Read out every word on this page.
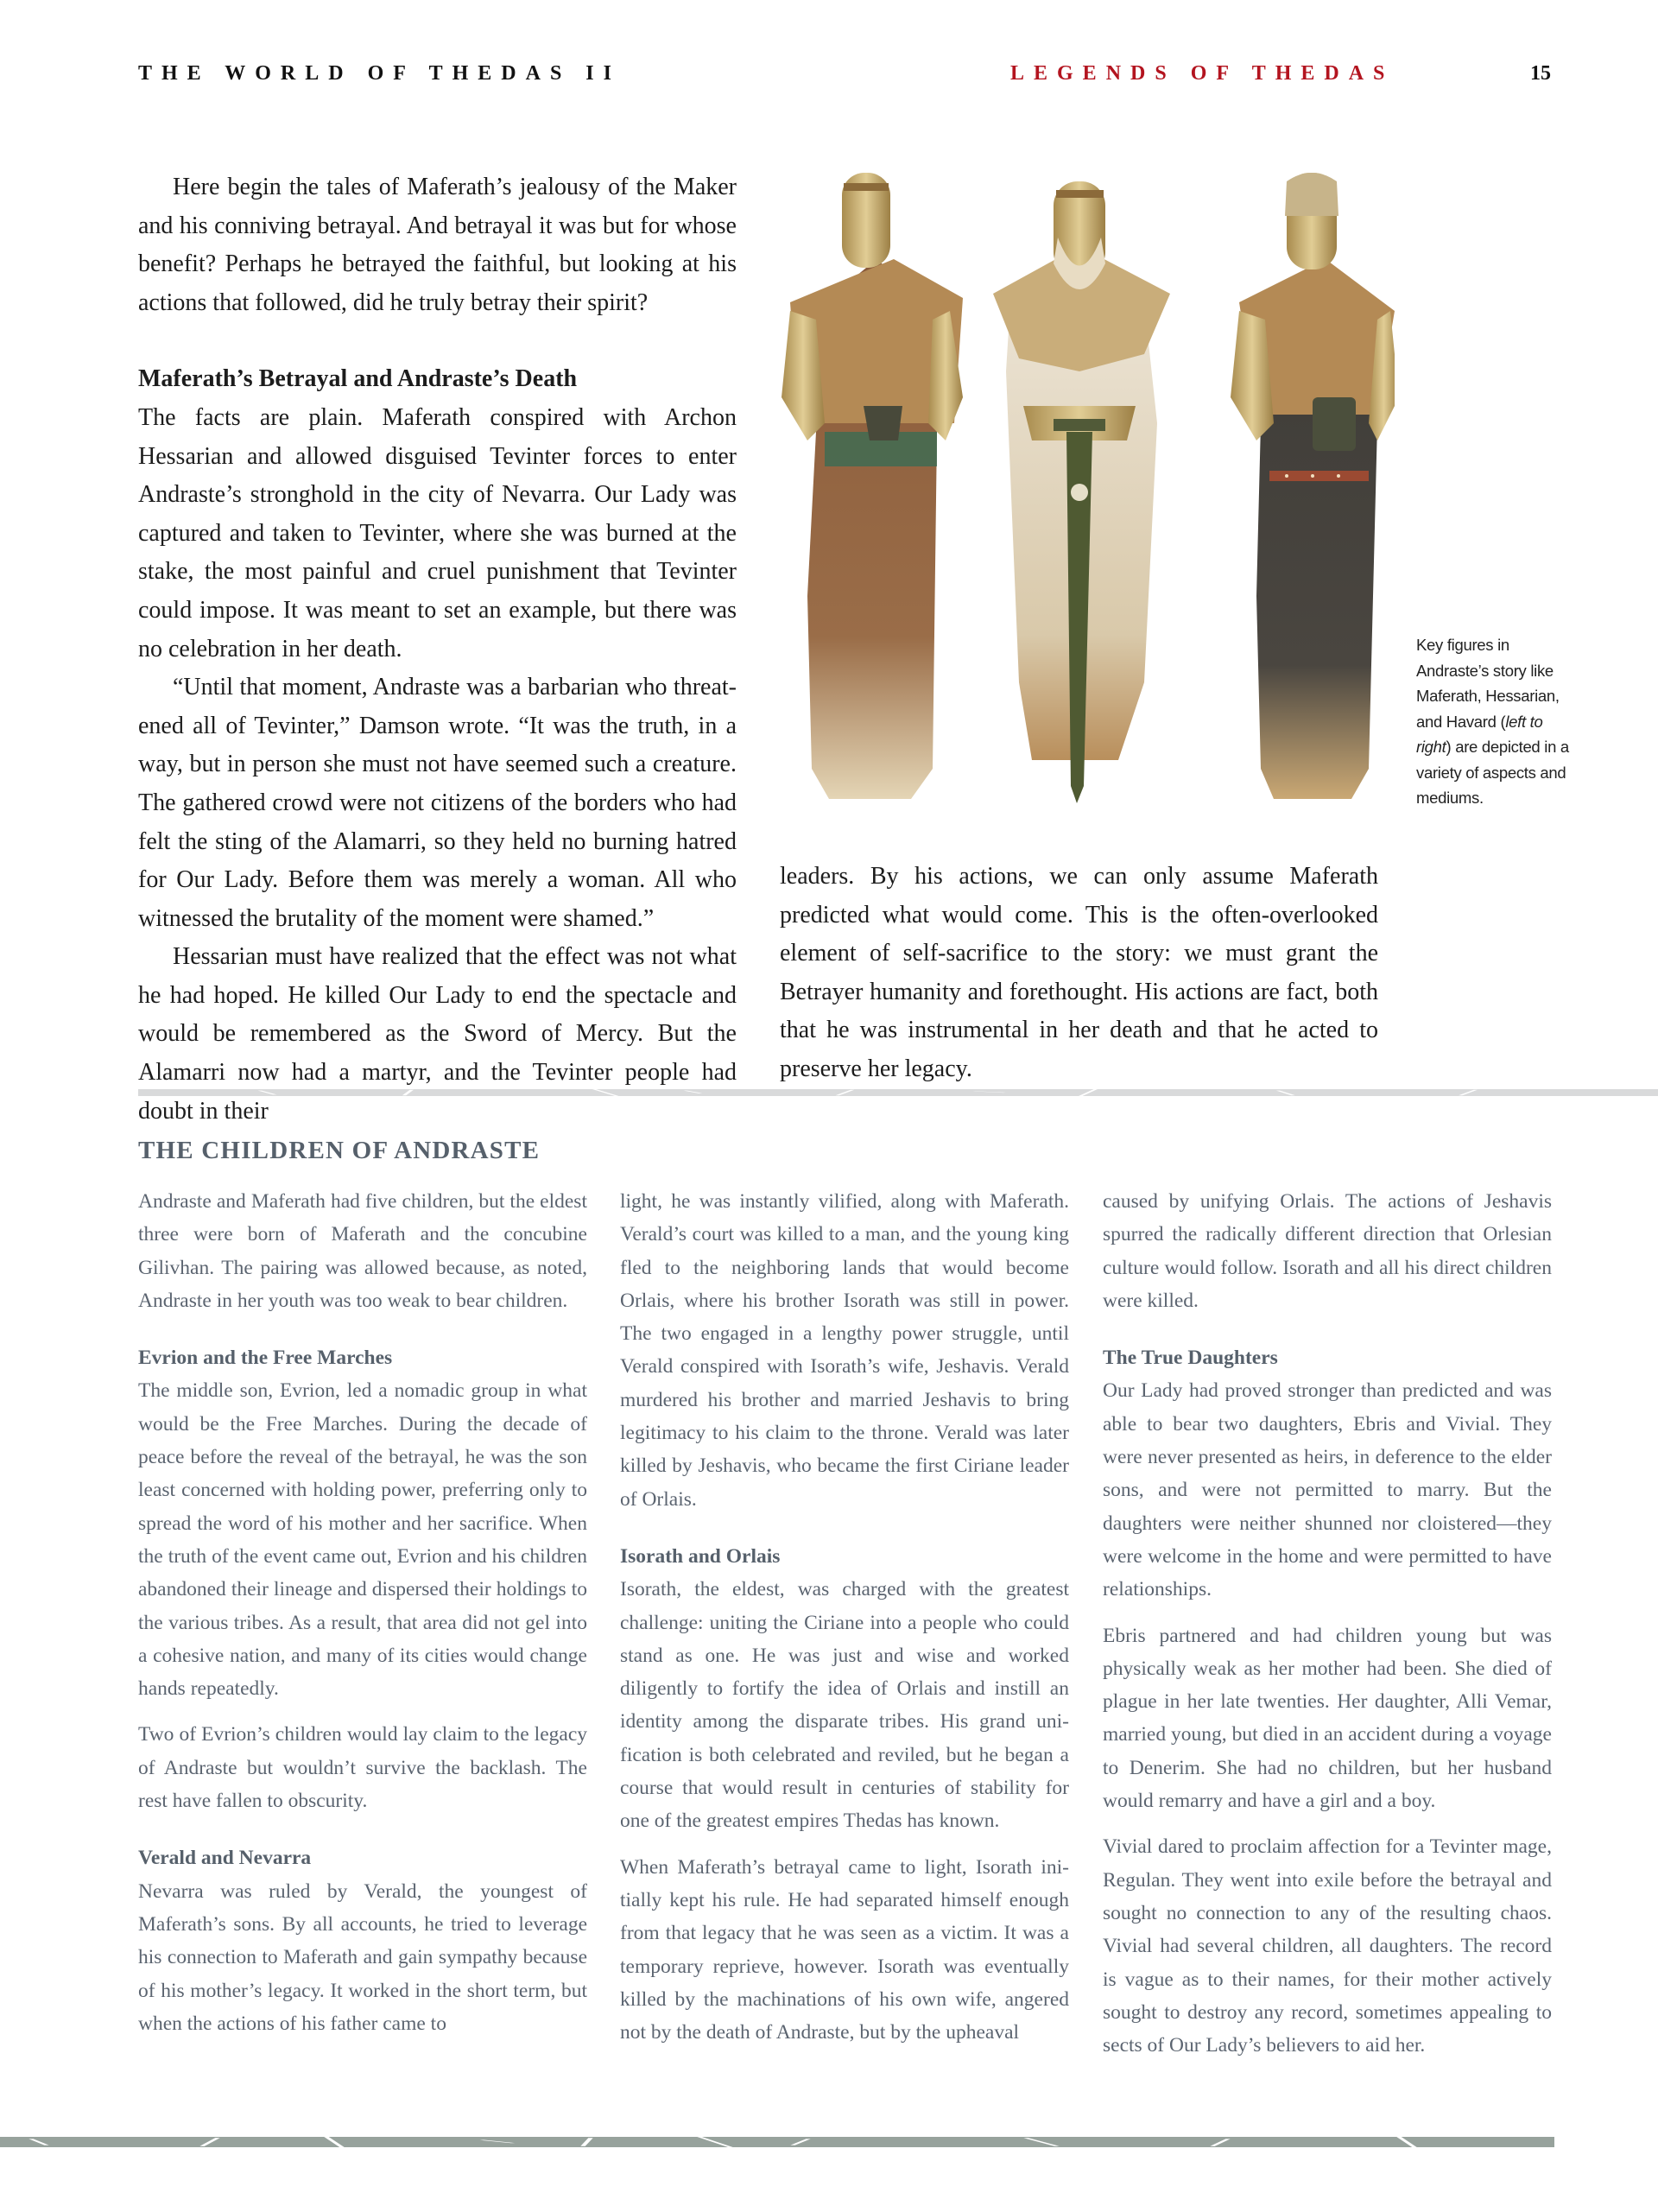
THE WORLD OF THEDAS II	LEGENDS OF THEDAS	15

Here begin the tales of Maferath’s jealousy of the Maker and his conniving betrayal. And betrayal it was but for whose benefit? Perhaps he betrayed the faithful, but looking at his actions that followed, did he truly betray their spirit?

Maferath’s Betrayal and Andraste’s Death

The facts are plain. Maferath conspired with Archon Hessarian and allowed disguised Tevinter forces to enter Andraste’s stronghold in the city of Nevarra. Our Lady was captured and taken to Tevinter, where she was burned at the stake, the most painful and cruel punishment that Tevinter could impose. It was meant to set an example, but there was no celebration in her death.

“Until that moment, Andraste was a barbarian who threatened all of Tevinter,” Damson wrote. “It was the truth, in a way, but in person she must not have seemed such a creature. The gathered crowd were not citizens of the borders who had felt the sting of the Alamarri, so they held no burning hatred for Our Lady. Before them was merely a woman. All who witnessed the brutality of the moment were shamed.”

Hessarian must have realized that the effect was not what he had hoped. He killed Our Lady to end the spectacle and would be remembered as the Sword of Mercy. But the Alamarri now had a martyr, and the Tevinter people had doubt in their

Key figures in Andraste’s story like Maferath, Hessarian, and Havard (left to right) are depicted in a variety of aspects and mediums.

leaders. By his actions, we can only assume Maferath predicted what would come. This is the often-overlooked element of self-sacrifice to the story: we must grant the Betrayer humanity and forethought. His actions are fact, both that he was instrumental in her death and that he acted to preserve her legacy.

THE CHILDREN OF ANDRASTE

Andraste and Maferath had five children, but the eldest three were born of Maferath and the concubine Gilivhan. The pairing was allowed because, as noted, Andraste in her youth was too weak to bear children.

Evrion and the Free Marches

The middle son, Evrion, led a nomadic group in what would be the Free Marches. During the decade of peace before the reveal of the betrayal, he was the son least concerned with holding power, preferring only to spread the word of his mother and her sacrifice. When the truth of the event came out, Evrion and his children abandoned their lineage and dispersed their holdings to the various tribes. As a result, that area did not gel into a cohesive nation, and many of its cities would change hands repeatedly.

Two of Evrion’s children would lay claim to the legacy of Andraste but wouldn’t survive the backlash. The rest have fallen to obscurity.

Verald and Nevarra

Nevarra was ruled by Verald, the youngest of Maferath’s sons. By all accounts, he tried to leverage his connection to Maferath and gain sympathy because of his mother’s legacy. It worked in the short term, but when the actions of his father came to

light, he was instantly vilified, along with Maferath. Verald’s court was killed to a man, and the young king fled to the neighboring lands that would become Orlais, where his brother Isorath was still in power. The two engaged in a lengthy power struggle, until Verald conspired with Isorath’s wife, Jeshavis. Verald murdered his brother and married Jeshavis to bring legitimacy to his claim to the throne. Verald was later killed by Jeshavis, who became the first Ciriane leader of Orlais.

Isorath and Orlais

Isorath, the eldest, was charged with the greatest challenge: uniting the Ciriane into a people who could stand as one. He was just and wise and worked diligently to fortify the idea of Orlais and instill an identity among the disparate tribes. His grand unification is both celebrated and reviled, but he began a course that would result in centuries of stability for one of the greatest empires Thedas has known.

When Maferath’s betrayal came to light, Isorath initially kept his rule. He had separated himself enough from that legacy that he was seen as a victim. It was a temporary reprieve, however. Isorath was eventually killed by the machinations of his own wife, angered not by the death of Andraste, but by the upheaval

caused by unifying Orlais. The actions of Jeshavis spurred the radically different direction that Orlesian culture would follow. Isorath and all his direct children were killed.

The True Daughters

Our Lady had proved stronger than predicted and was able to bear two daughters, Ebris and Vivial. They were never presented as heirs, in deference to the elder sons, and were not permitted to marry. But the daughters were neither shunned nor cloistered—they were welcome in the home and were permitted to have relationships.

Ebris partnered and had children young but was physically weak as her mother had been. She died of plague in her late twenties. Her daughter, Alli Vemar, married young, but died in an accident during a voyage to Denerim. She had no children, but her husband would remarry and have a girl and a boy.

Vivial dared to proclaim affection for a Tevinter mage, Regulan. They went into exile before the betrayal and sought no connection to any of the resulting chaos. Vivial had several children, all daughters. The record is vague as to their names, for their mother actively sought to destroy any record, sometimes appealing to sects of Our Lady’s believers to aid her.
